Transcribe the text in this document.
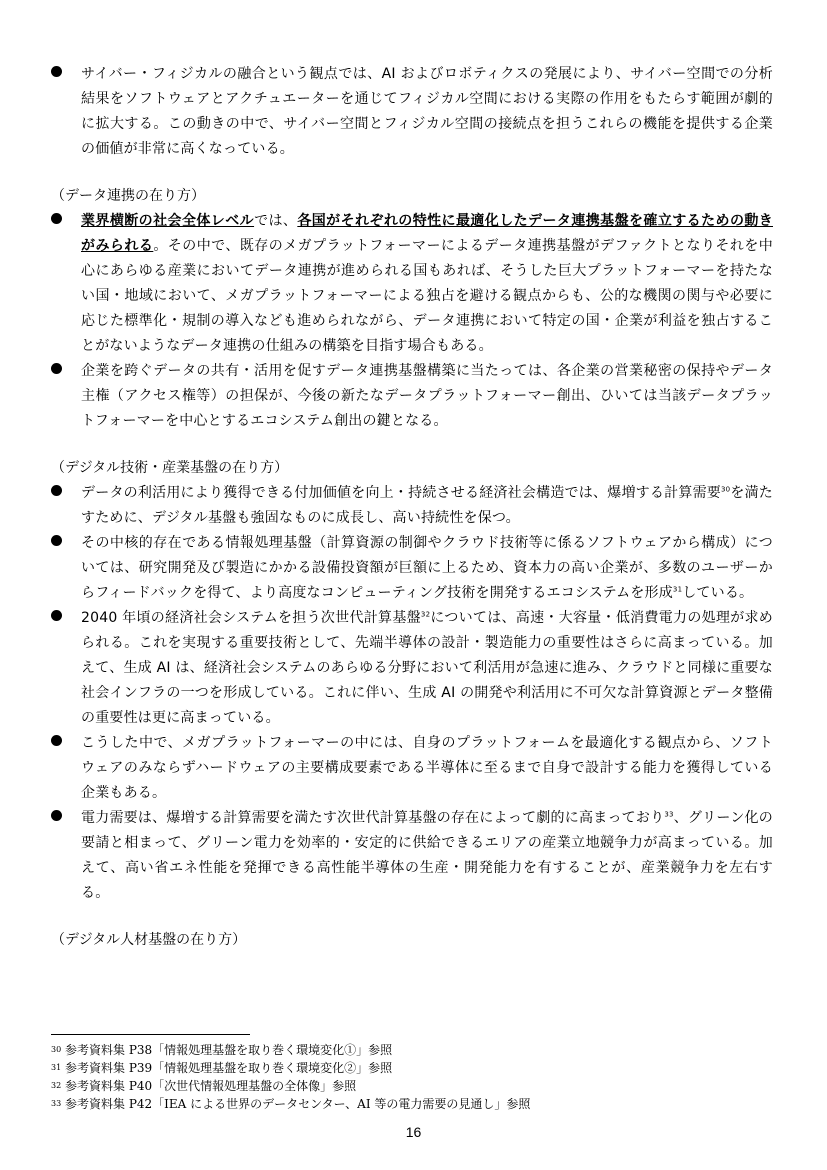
サイバー・フィジカルの融合という観点では、AI およびロボティクスの発展により、サイバー空間での分析結果をソフトウェアとアクチュエーターを通じてフィジカル空間における実際の作用をもたらす範囲が劇的に拡大する。この動きの中で、サイバー空間とフィジカル空間の接続点を担うこれらの機能を提供する企業の価値が非常に高くなっている。
（データ連携の在り方）
業界横断の社会全体レベルでは、各国がそれぞれの特性に最適化したデータ連携基盤を確立するための動きがみられる。その中で、既存のメガプラットフォーマーによるデータ連携基盤がデファクトとなりそれを中心にあらゆる産業においてデータ連携が進められる国もあれば、そうした巨大プラットフォーマーを持たない国・地域において、メガプラットフォーマーによる独占を避ける観点からも、公的な機関の関与や必要に応じた標準化・規制の導入なども進められながら、データ連携において特定の国・企業が利益を独占することがないようなデータ連携の仕組みの構築を目指す場合もある。
企業を跨ぐデータの共有・活用を促すデータ連携基盤構築に当たっては、各企業の営業秘密の保持やデータ主権（アクセス権等）の担保が、今後の新たなデータプラットフォーマー創出、ひいては当該データプラットフォーマーを中心とするエコシステム創出の鍵となる。
（デジタル技術・産業基盤の在り方）
データの利活用により獲得できる付加価値を向上・持続させる経済社会構造では、爆増する計算需要$^{30}$を満たすために、デジタル基盤も強固なものに成長し、高い持続性を保つ。
その中核的存在である情報処理基盤（計算資源の制御やクラウド技術等に係るソフトウェアから構成）については、研究開発及び製造にかかる設備投資額が巨額に上るため、資本力の高い企業が、多数のユーザーからフィードバックを得て、より高度なコンピューティング技術を開発するエコシステムを形成$^{31}$している。
2040 年頃の経済社会システムを担う次世代計算基盤$^{32}$については、高速・大容量・低消費電力の処理が求められる。これを実現する重要技術として、先端半導体の設計・製造能力の重要性はさらに高まっている。加えて、生成 AI は、経済社会システムのあらゆる分野において利活用が急速に進み、クラウドと同様に重要な社会インフラの一つを形成している。これに伴い、生成 AI の開発や利活用に不可欠な計算資源とデータ整備の重要性は更に高まっている。
こうした中で、メガプラットフォーマーの中には、自身のプラットフォームを最適化する観点から、ソフトウェアのみならずハードウェアの主要構成要素である半導体に至るまで自身で設計する能力を獲得している企業もある。
電力需要は、爆増する計算需要を満たす次世代計算基盤の存在によって劇的に高まっており$^{33}$、グリーン化の要請と相まって、グリーン電力を効率的・安定的に供給できるエリアの産業立地競争力が高まっている。加えて、高い省エネ性能を発揮できる高性能半導体の生産・開発能力を有することが、産業競争力を左右する。
（デジタル人材基盤の在り方）
30 参考資料集 P38「情報処理基盤を取り巻く環境変化①」参照
31 参考資料集 P39「情報処理基盤を取り巻く環境変化②」参照
32 参考資料集 P40「次世代情報処理基盤の全体像」参照
33 参考資料集 P42「IEA による世界のデータセンター、AI 等の電力需要の見通し」参照
16
